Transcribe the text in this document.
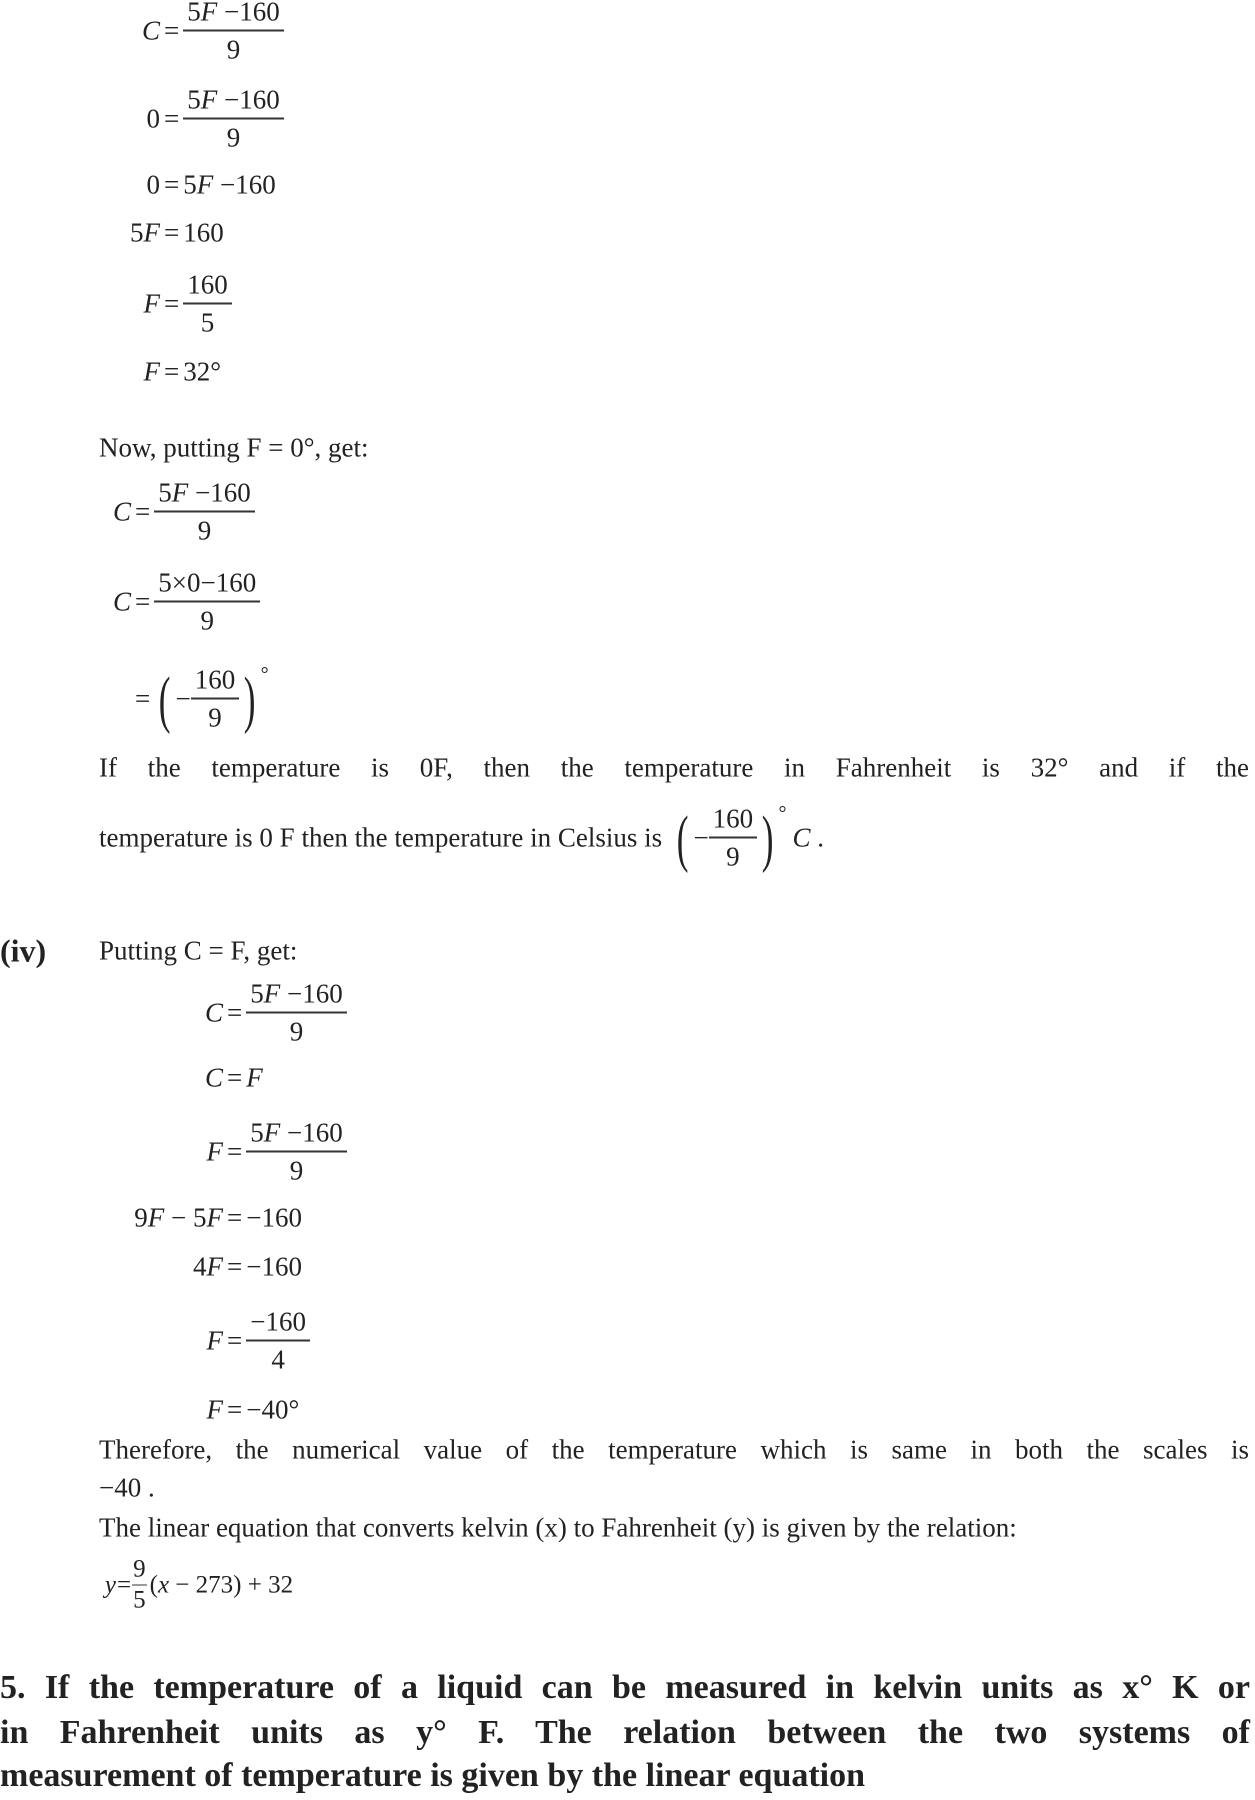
$C = \frac{5F -160}{9}$
$0 = \frac{5F -160}{9}$
0 = 5F −160
5F = 160
$F = \frac{160}{5}$
F = 32°
Now, putting F = 0°, get:
$C = \frac{5F -160}{9}$
$C = \frac{5\times 0-160}{9}$
= ( − $\frac{160}{9}$ ) °
If the temperature is 0F, then the temperature in Fahrenheit is 32° and if the
temperature is 0 F then the temperature in Celsius is ( − $\frac{160}{9}$ ) °
C .
(iv) Putting C = F, get:
$C = \frac{5F -160}{9}$
C = F
$F = \frac{5F -160}{9}$
9F − 5F = −160
4F = −160
$F = \frac{-160}{4}$
F = −40°
Therefore, the numerical value of the temperature which is same in both the scales is
−40 .
The linear equation that converts kelvin (x) to Fahrenheit (y) is given by the relation:
$y = \frac{9}{5} (x - 273) + 32$
5. If the temperature of a liquid can be measured in kelvin units as x° K or
in Fahrenheit units as y° F. The relation between the two systems of
measurement of temperature is given by the linear equation
